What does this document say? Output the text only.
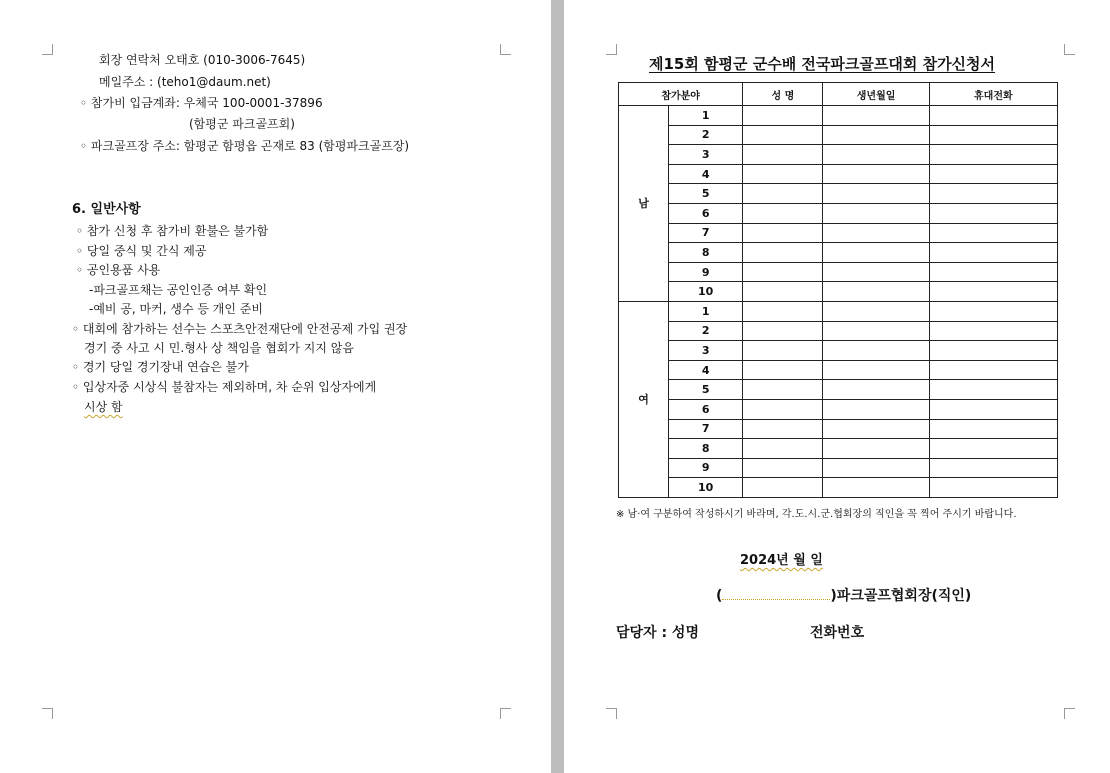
회장 연락처 오태호 (010-3006-7645)
메일주소 : (teho1@daum.net)
◦ 참가비 입금계좌: 우체국 100-0001-37896
(함평군 파크골프회)
◦ 파크골프장 주소: 함평군 함평읍 곤재로 83 (함평파크골프장)
6. 일반사항
◦ 참가 신청 후 참가비 환불은 불가함
◦ 당일 중식 및 간식 제공
◦ 공인용품 사용
-파크골프채는 공인인증 여부 확인
-예비 공, 마커, 생수 등 개인 준비
◦ 대회에 참가하는 선수는 스포츠안전재단에 안전공제 가입 권장
경기 중 사고 시 민.형사 상 책임을 협회가 지지 않음
◦ 경기 당일 경기장내 연습은 불가
◦ 입상자중 시상식 불참자는 제외하며, 차 순위 입상자에게
시상 함
제15회 함평군 군수배 전국파크골프대회 참가신청서
참가분야		성 명	생년월일	휴대전화
남	1			
	2			
	3			
	4			
	5			
	6			
	7			
	8			
	9			
	10			
여	1			
	2			
	3			
	4			
	5			
	6			
	7			
	8			
	9			
	10			
※ 남·여 구분하여 작성하시기 바라며, 각.도.시.군.협회장의 직인을 꼭 찍어 주시기 바랍니다.
2024년 월 일
(	)파크골프협회장(직인)
담당자 : 성명	전화번호
